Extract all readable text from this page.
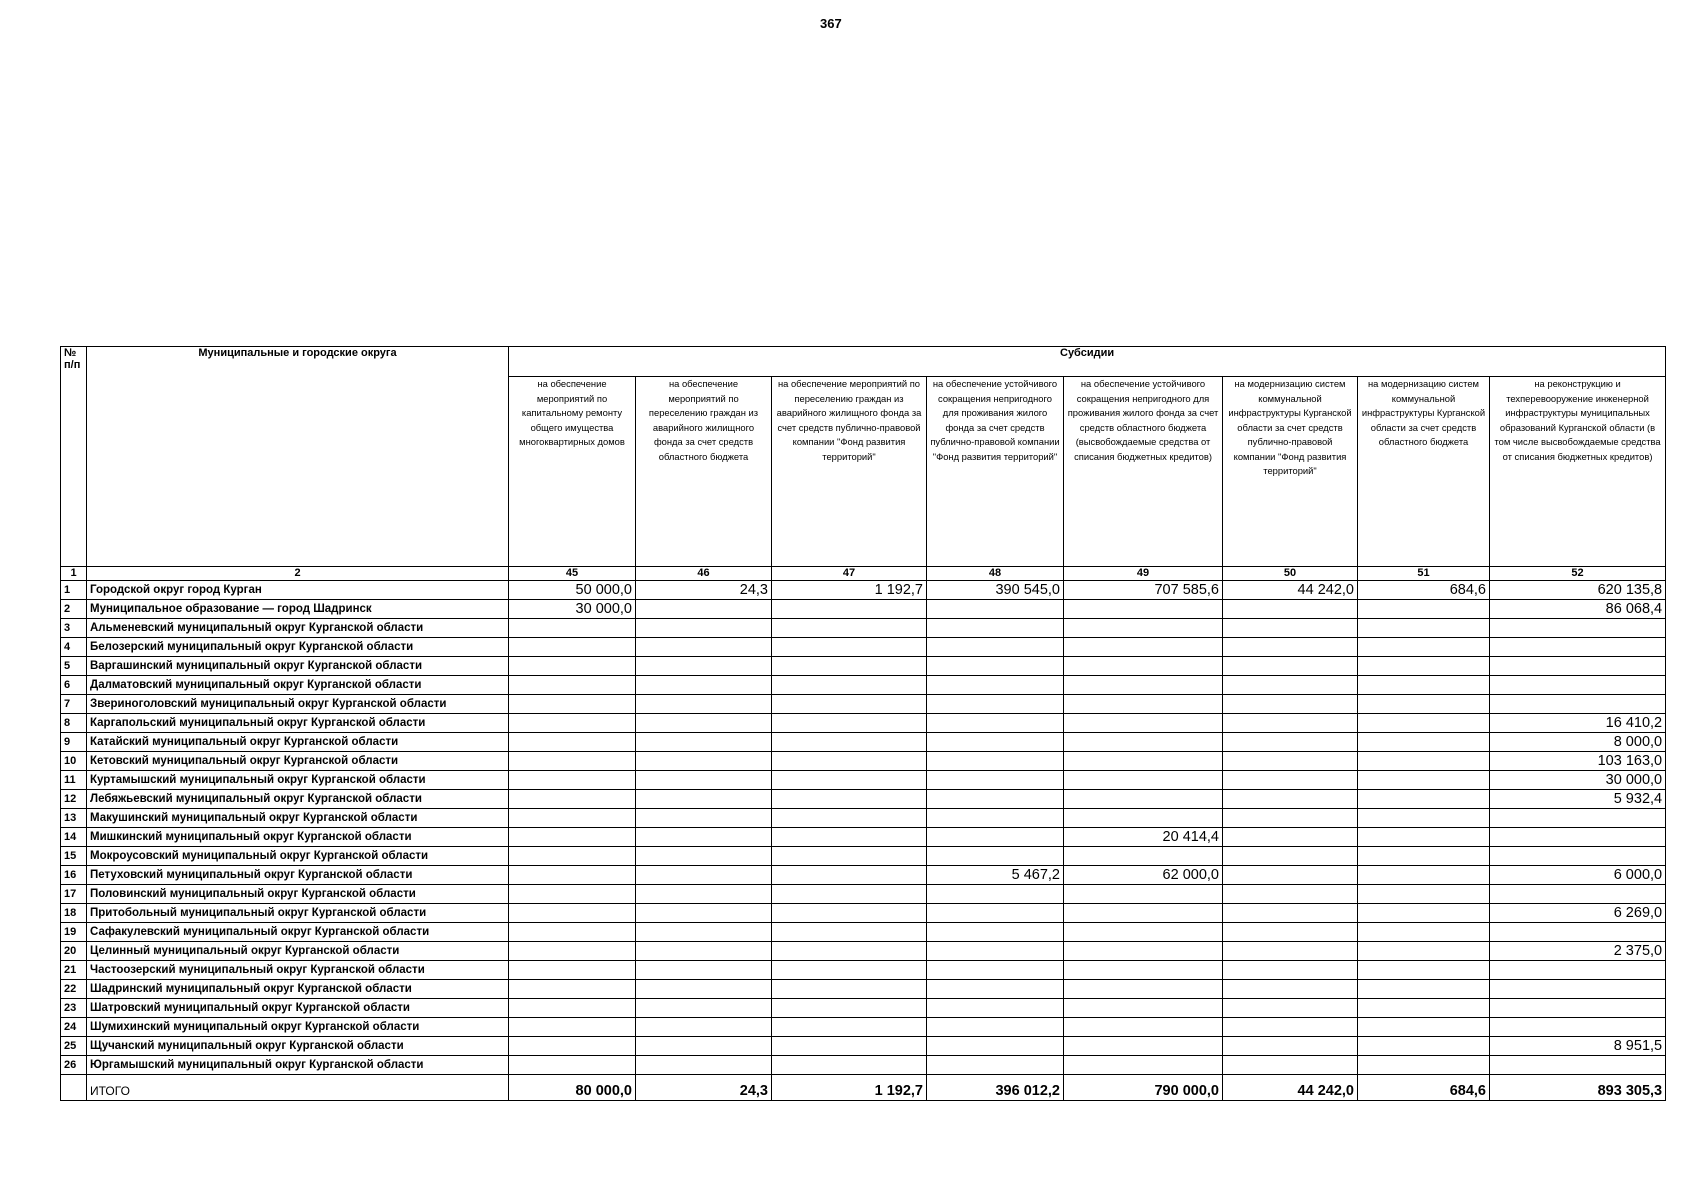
367
№ п/п	Муниципальные и городские округа	Субсидии							
		на обеспечение мероприятий по капитальному ремонту общего имущества многоквартирных домов	на обеспечение мероприятий по переселению граждан из аварийного жилищного фонда за счет средств областного бюджета	на обеспечение мероприятий по переселению граждан из аварийного жилищного фонда за счет средств публично-правовой компании "Фонд развития территорий"	на обеспечение устойчивого сокращения непригодного для проживания жилого фонда за счет средств публично-правовой компании "Фонд развития территорий"	на обеспечение устойчивого сокращения непригодного для проживания жилого фонда за счет средств областного бюджета (высвобождаемые средства от списания бюджетных кредитов)	на модернизацию систем коммунальной инфраструктуры Курганской области за счет средств публично-правовой компании "Фонд развития территорий"	на модернизацию систем коммунальной инфраструктуры Курганской области за счет средств областного бюджета	на реконструкцию и техперевооружение инженерной инфраструктуры муниципальных образований Курганской области (в том числе высвобождаемые средства от списания бюджетных кредитов)
1	2	45	46	47	48	49	50	51	52
1	Городской округ город Курган	50 000,0	24,3	1 192,7	390 545,0	707 585,6	44 242,0	684,6	620 135,8
2	Муниципальное образование — город Шадринск	30 000,0							86 068,4
3	Альменевский муниципальный округ Курганской области								
4	Белозерский муниципальный округ Курганской области								
5	Варгашинский муниципальный округ Курганской области								
6	Далматовский муниципальный округ Курганской области								
7	Звериноголовский муниципальный округ Курганской области								
8	Каргапольский муниципальный округ Курганской области								16 410,2
9	Катайский муниципальный округ Курганской области								8 000,0
10	Кетовский муниципальный округ Курганской области								103 163,0
11	Куртамышский муниципальный округ Курганской области								30 000,0
12	Лебяжьевский муниципальный округ Курганской области								5 932,4
13	Макушинский муниципальный округ Курганской области								
14	Мишкинский муниципальный округ Курганской области					20 414,4			
15	Мокроусовский муниципальный округ Курганской области								
16	Петуховский муниципальный округ Курганской области				5 467,2	62 000,0			6 000,0
17	Половинский муниципальный округ Курганской области								
18	Притобольный муниципальный округ Курганской области								6 269,0
19	Сафакулевский муниципальный округ Курганской области								
20	Целинный муниципальный округ Курганской области								2 375,0
21	Частоозерский муниципальный округ Курганской области								
22	Шадринский муниципальный округ Курганской области								
23	Шатровский муниципальный округ Курганской области								
24	Шумихинский муниципальный округ Курганской области								
25	Щучанский муниципальный округ Курганской области								8 951,5
26	Юргамышский муниципальный округ Курганской области								
	ИТОГО	80 000,0	24,3	1 192,7	396 012,2	790 000,0	44 242,0	684,6	893 305,3
